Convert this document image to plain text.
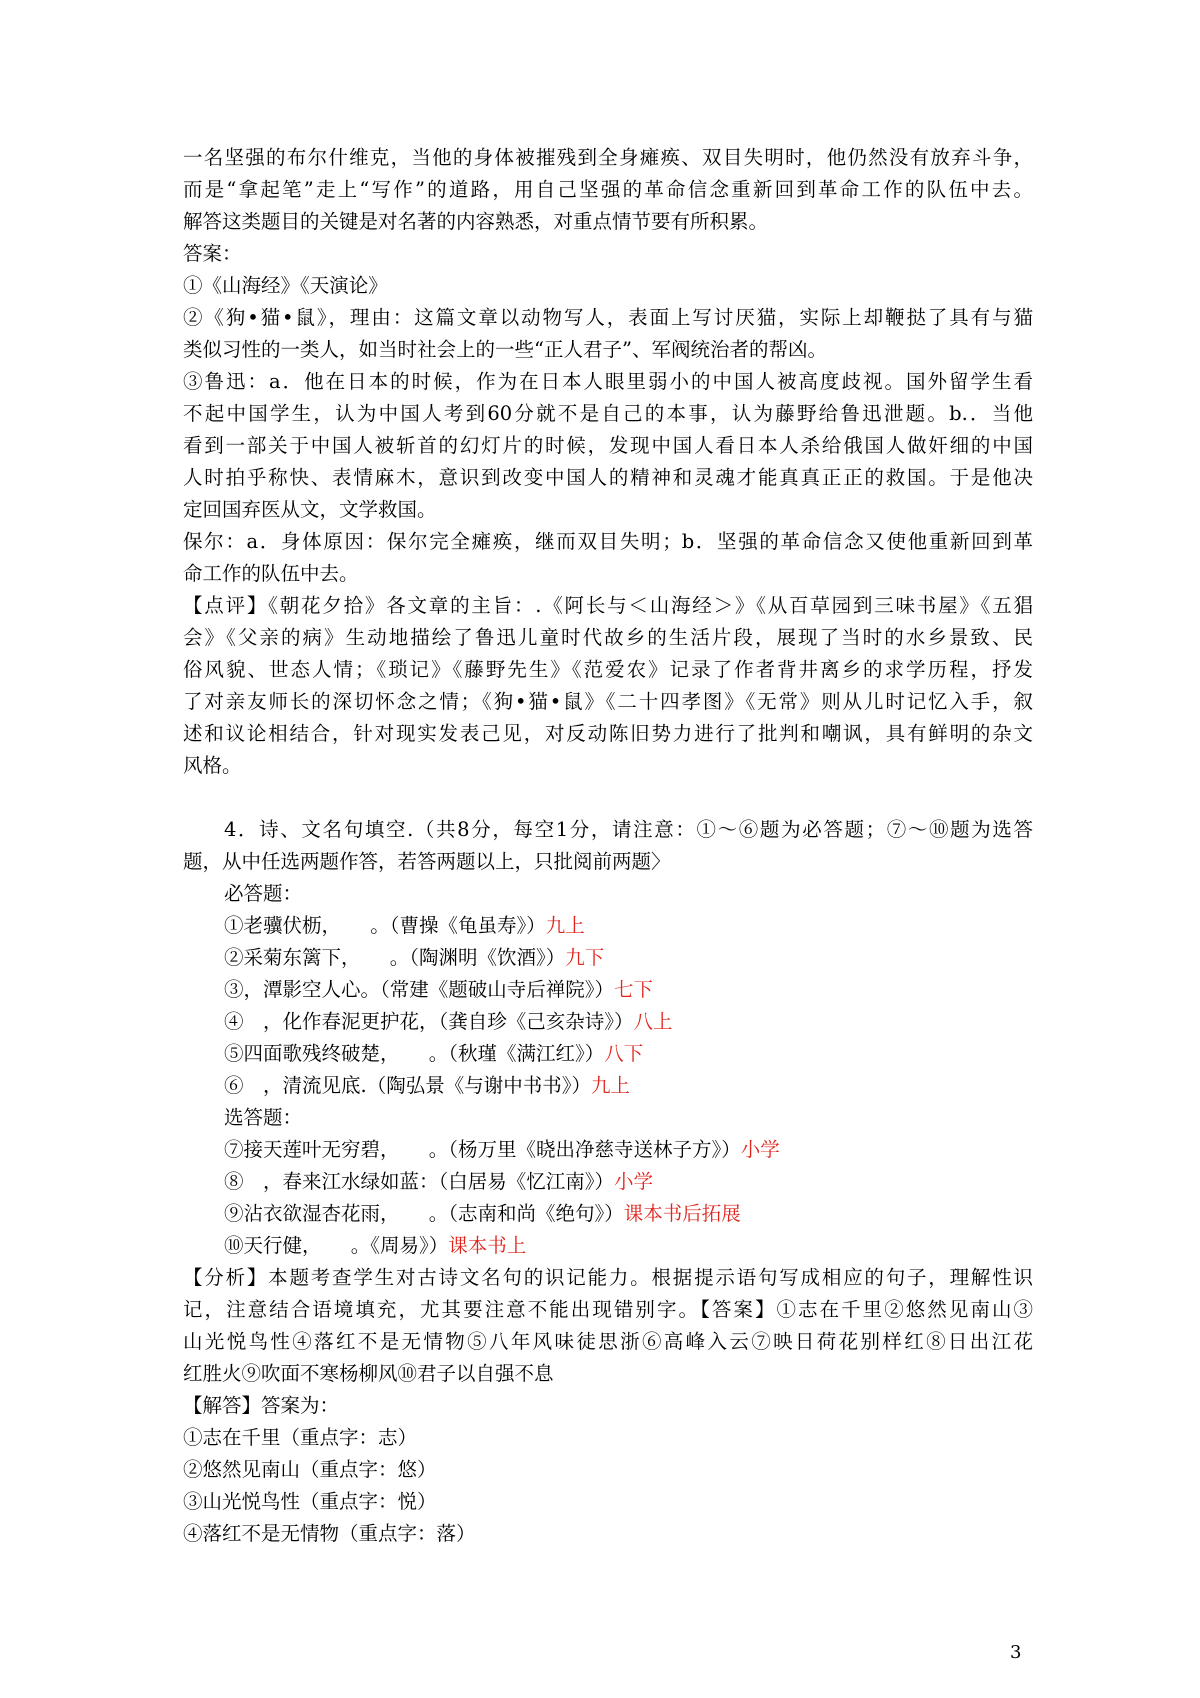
一名坚强的布尔什维克，当他的身体被摧残到全身瘫痪、双目失明时，他仍然没有放弃斗争，
而是“拿起笔”走上“写作”的道路，用自己坚强的革命信念重新回到革命工作的队伍中去。
解答这类题目的关键是对名著的内容熟悉，对重点情节要有所积累。
答案：
①《山海经》《天演论》
②《狗•猫•鼠》，理由：这篇文章以动物写人，表面上写讨厌猫，实际上却鞭挞了具有与猫
类似习性的一类人，如当时社会上的一些“正人君子”、军阀统治者的帮凶。
③鲁迅：a．他在日本的时候，作为在日本人眼里弱小的中国人被高度歧视。国外留学生看
不起中国学生，认为中国人考到60分就不是自己的本事，认为藤野给鲁迅泄题。b.．当他
看到一部关于中国人被斩首的幻灯片的时候，发现中国人看日本人杀给俄国人做奸细的中国
人时拍乎称快、表情麻木，意识到改变中国人的精神和灵魂才能真真正正的救国。于是他决
定回国弃医从文，文学救国。
保尔：a．身体原因：保尔完全瘫痪，继而双目失明；b．坚强的革命信念又使他重新回到革
命工作的队伍中去。
【点评】《朝花夕拾》各文章的主旨：.《阿长与＜山海经＞》《从百草园到三味书屋》《五猖
会》《父亲的病》生动地描绘了鲁迅儿童时代故乡的生活片段，展现了当时的水乡景致、民
俗风貌、世态人情；《琐记》《藤野先生》《范爱农》记录了作者背井离乡的求学历程，抒发
了对亲友师长的深切怀念之情；《狗•猫•鼠》《二十四孝图》《无常》则从儿时记忆入手，叙
述和议论相结合，针对现实发表己见，对反动陈旧势力进行了批判和嘲讽，具有鲜明的杂文
风格。
4．诗、文名句填空.（共8分，每空1分，请注意：①～⑥题为必答题；⑦～⑩题为选答
题，从中任选两题作答，若答两题以上，只批阅前两题〉
必答题：
①老骥伏枥，　　。（曹操《龟虽寿》）九上
②采菊东篱下，　　。（陶渊明《饮酒》）九下
③，潭影空人心。（常建《题破山寺后禅院》）七下
④　，化作春泥更护花，（龚自珍《己亥杂诗》）八上
⑤四面歌残终破楚，　　。（秋瑾《满江红》）八下
⑥　，清流见底.（陶弘景《与谢中书书》）九上
选答题：
⑦接天莲叶无穷碧，　　。（杨万里《晓出净慈寺送林子方》）小学
⑧　，春来江水绿如蓝：（白居易《忆江南》）小学
⑨沾衣欲湿杏花雨，　　。（志南和尚《绝句》）课本书后拓展
⑩天行健，　　。《周易》）课本书上
【分析】本题考查学生对古诗文名句的识记能力。根据提示语句写成相应的句子，理解性识
记，注意结合语境填充，尤其要注意不能出现错别字。【答案】①志在千里②悠然见南山③
山光悦鸟性④落红不是无情物⑤八年风味徒思浙⑥高峰入云⑦映日荷花别样红⑧日出江花
红胜火⑨吹面不寒杨柳风⑩君子以自强不息
【解答】答案为：
①志在千里（重点字：志）
②悠然见南山（重点字：悠）
③山光悦鸟性（重点字：悦）
④落红不是无情物（重点字：落）
3
